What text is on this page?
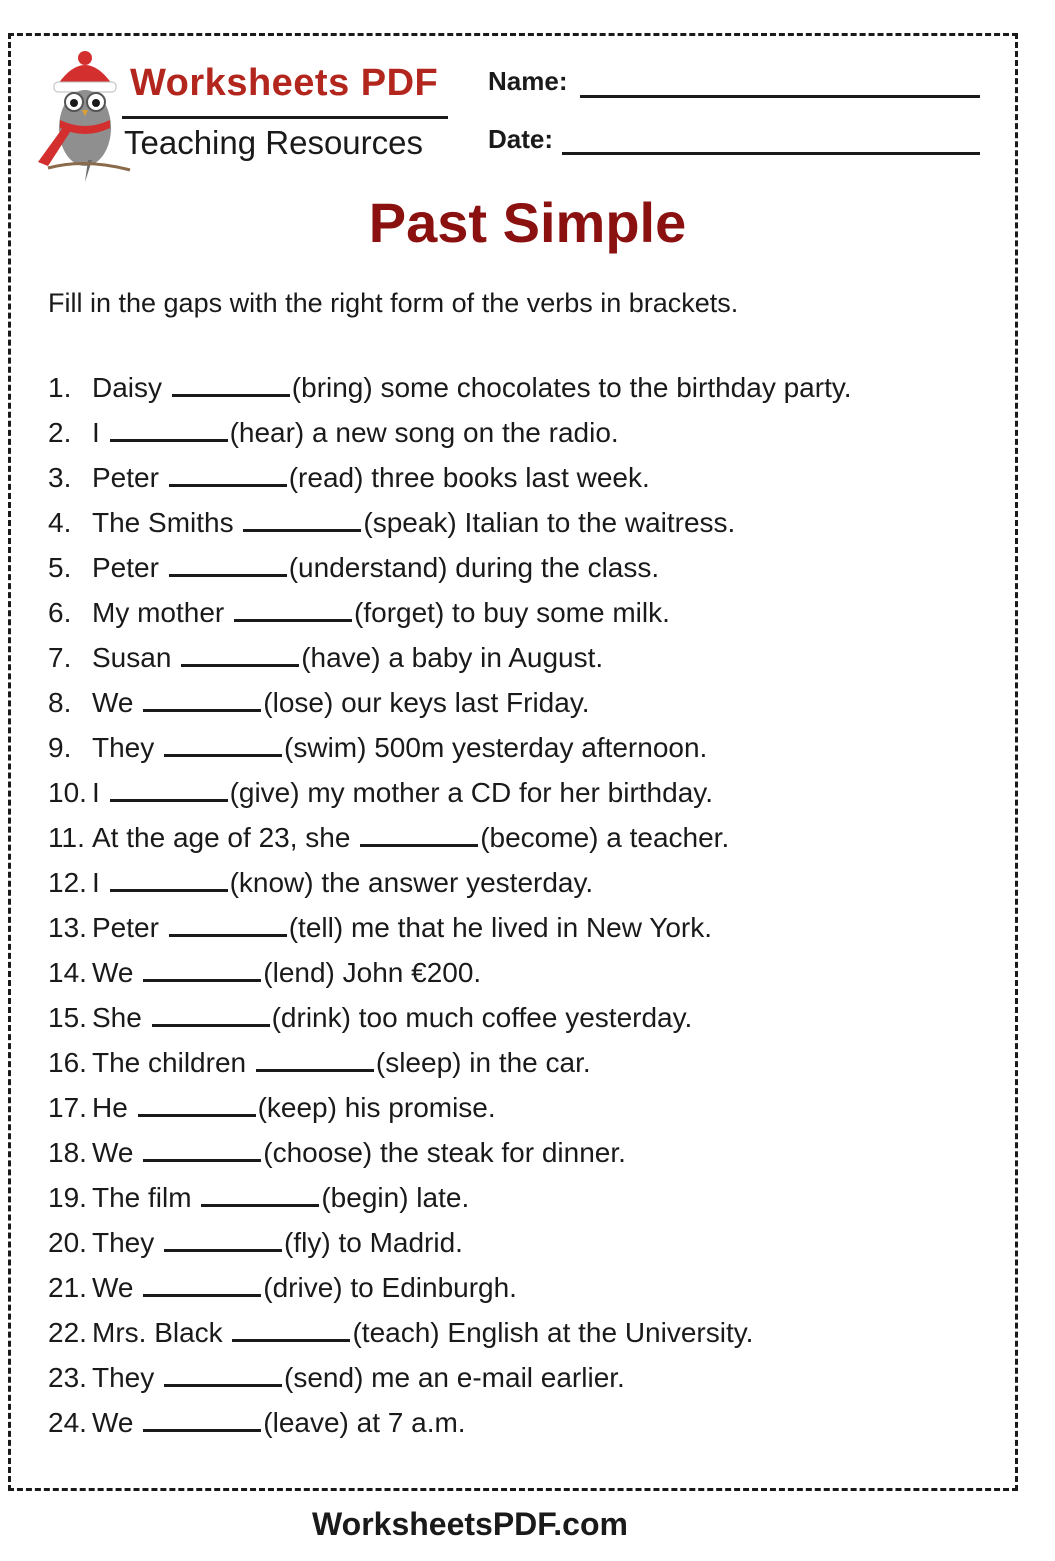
Worksheets PDF
Teaching Resources
Name:
Date:
Past Simple
Fill in the gaps with the right form of the verbs in brackets.
1. Daisy	(bring) some chocolates to the birthday party.
2. I	(hear) a new song on the radio.
3. Peter	(read) three books last week.
4. The Smiths	(speak) Italian to the waitress.
5. Peter	(understand) during the class.
6. My mother	(forget) to buy some milk.
7. Susan	(have) a baby in August.
8. We	(lose) our keys last Friday.
9. They	(swim) 500m yesterday afternoon.
10. I	(give) my mother a CD for her birthday.
11. At the age of 23, she	(become) a teacher.
12. I	(know) the answer yesterday.
13. Peter	(tell) me that he lived in New York.
14. We	(lend) John €200.
15. She	(drink) too much coffee yesterday.
16. The children	(sleep) in the car.
17. He	(keep) his promise.
18. We	(choose) the steak for dinner.
19. The film	(begin) late.
20. They	(fly) to Madrid.
21. We	(drive) to Edinburgh.
22. Mrs. Black	(teach) English at the University.
23. They	(send) me an e-mail earlier.
24. We	(leave) at 7 a.m.
WorksheetsPDF.com
